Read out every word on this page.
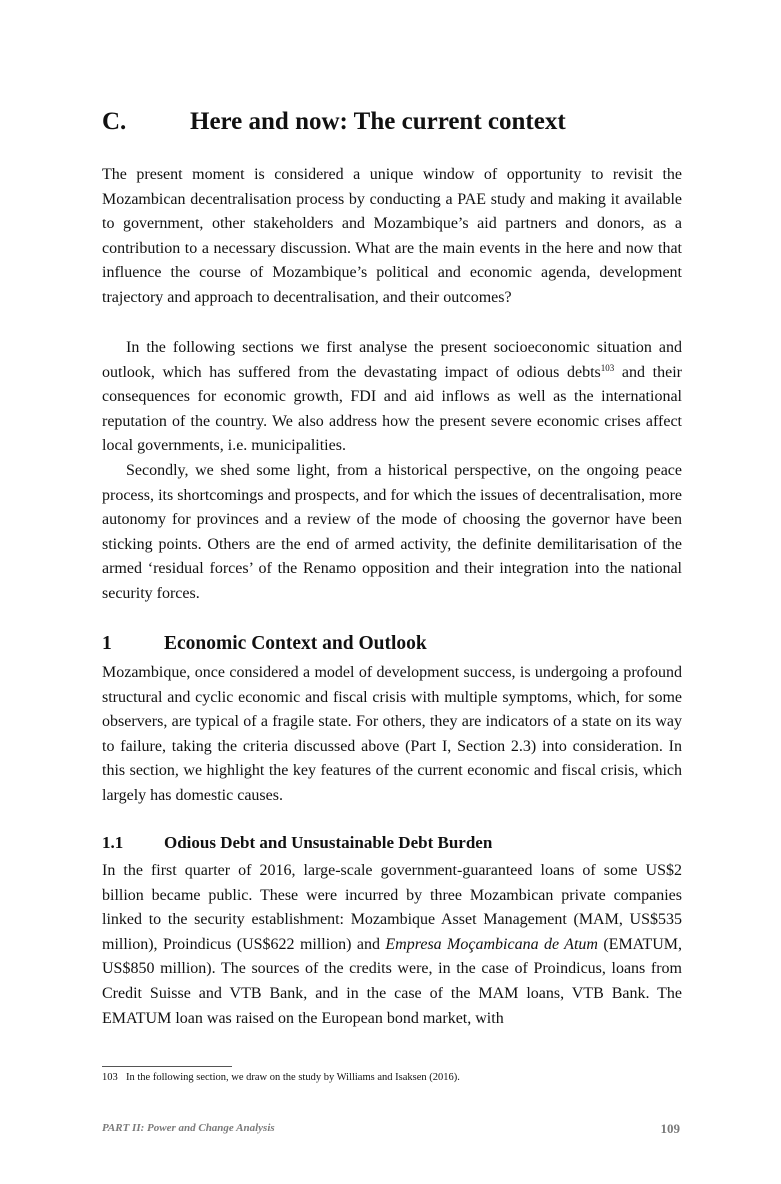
C.	Here and now: The current context

The present moment is considered a unique window of opportunity to revisit the Mozambican decentralisation process by conducting a PAE study and making it available to government, other stakeholders and Mozambique’s aid partners and donors, as a contribution to a necessary discussion. What are the main events in the here and now that influence the course of Mozambique’s political and economic agenda, development trajectory and approach to decentralisation, and their outcomes?

In the following sections we first analyse the present socioeconomic situation and outlook, which has suffered from the devastating impact of odious debts$^{103}$ and their consequences for economic growth, FDI and aid inflows as well as the international reputation of the country. We also address how the present severe economic crises affect local governments, i.e. municipalities.

Secondly, we shed some light, from a historical perspective, on the ongoing peace process, its shortcomings and prospects, and for which the issues of decentralisation, more autonomy for provinces and a review of the mode of choosing the governor have been sticking points. Others are the end of armed activity, the definite demilitarisation of the armed ‘residual forces’ of the Renamo opposition and their integration into the national security forces.

1	Economic Context and Outlook

Mozambique, once considered a model of development success, is undergoing a profound structural and cyclic economic and fiscal crisis with multiple symptoms, which, for some observers, are typical of a fragile state. For others, they are indicators of a state on its way to failure, taking the criteria discussed above (Part I, Section 2.3) into consideration. In this section, we highlight the key features of the current economic and fiscal crisis, which largely has domestic causes.

1.1 Odious Debt and Unsustainable Debt Burden

In the first quarter of 2016, large-scale government-guaranteed loans of some US$2 billion became public. These were incurred by three Mozambican private companies linked to the security establishment: Mozambique Asset Management (MAM, US$535 million), Proindicus (US$622 million) and Empresa Moçambicana de Atum (EMATUM, US$850 million). The sources of the credits were, in the case of Proindicus, loans from Credit Suisse and VTB Bank, and in the case of the MAM loans, VTB Bank. The EMATUM loan was raised on the European bond market, with

103 In the following section, we draw on the study by Williams and Isaksen (2016).
PART II: Power and Change Analysis	109
